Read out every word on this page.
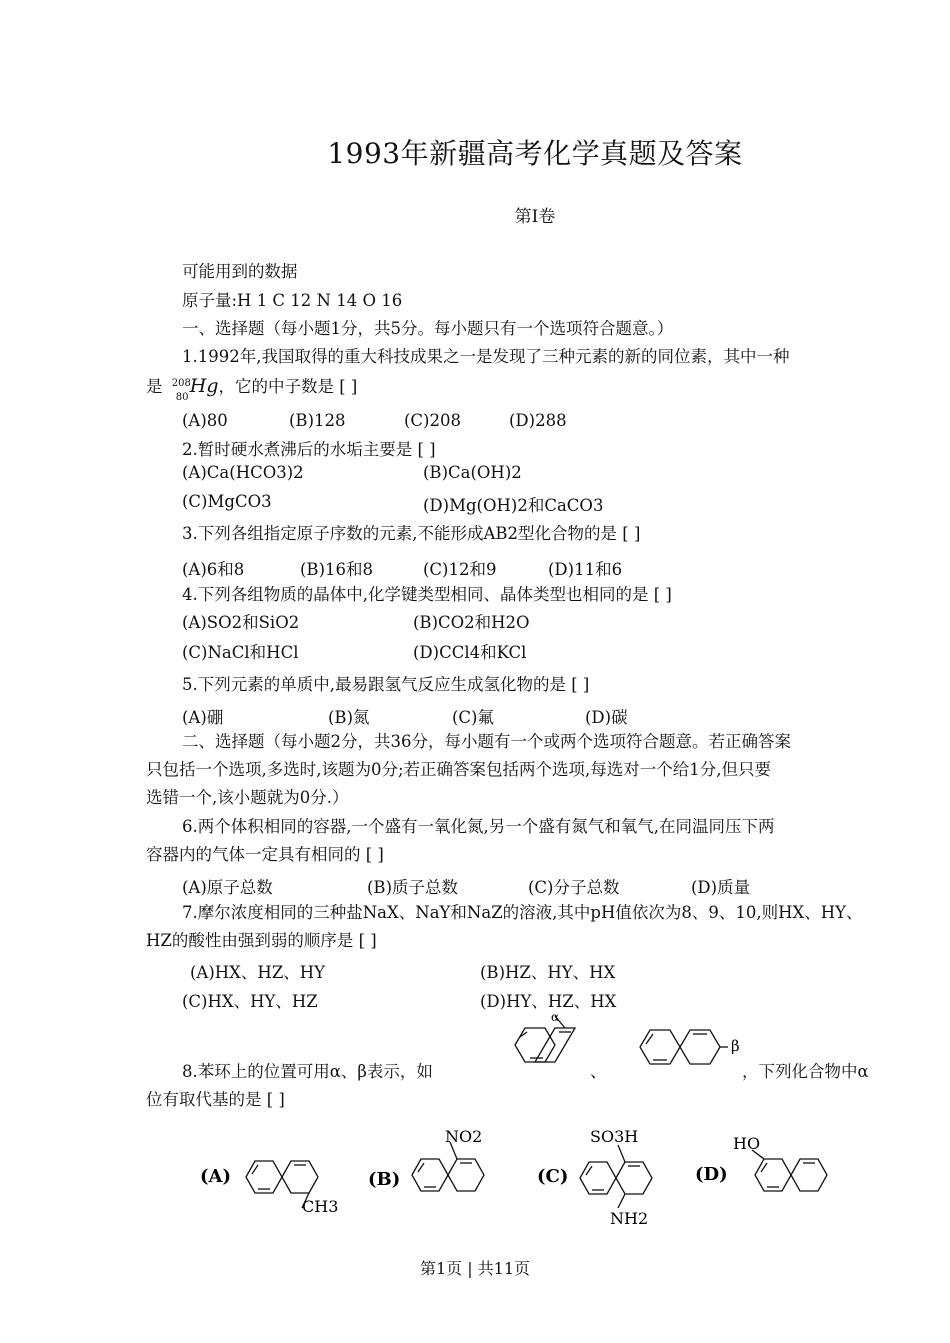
1993年新疆高考化学真题及答案
第Ⅰ卷
可能用到的数据
原子量:H 1 C 12 N 14 O 16
一、选择题（每小题1分，共5分。每小题只有一个选项符合题意。）
1.1992年,我国取得的重大科技成果之一是发现了三种元素的新的同位素，其中一种
是 208
80 Hg，它的中子数是 [ ]
(A)80	(B)128	(C)208	(D)288
2.暂时硬水煮沸后的水垢主要是 [ ]
(A)Ca(HCO3)2	(B)Ca(OH)2
(C)MgCO3	(D)Mg(OH)2和CaCO3
3.下列各组指定原子序数的元素,不能形成AB2型化合物的是 [ ]
(A)6和8	(B)16和8	(C)12和9	(D)11和6
4.下列各组物质的晶体中,化学键类型相同、晶体类型也相同的是 [ ]
(A)SO2和SiO2	(B)CO2和H2O
(C)NaCl和HCl	(D)CCl4和KCl
5.下列元素的单质中,最易跟氢气反应生成氢化物的是 [ ]
(A)硼	(B)氮	(C)氟	(D)碳
二、选择题（每小题2分，共36分，每小题有一个或两个选项符合题意。若正确答案
只包括一个选项,多选时,该题为0分;若正确答案包括两个选项,每选对一个给1分,但只要
选错一个,该小题就为0分.）
6.两个体积相同的容器,一个盛有一氧化氮,另一个盛有氮气和氧气,在同温同压下两
容器内的气体一定具有相同的 [ ]
(A)原子总数	(B)质子总数	(C)分子总数	(D)质量
7.摩尔浓度相同的三种盐NaX、NaY和NaZ的溶液,其中pH值依次为8、9、10,则HX、HY、
HZ的酸性由强到弱的顺序是 [ ]
(A)HX、HZ、HY	(B)HZ、HY、HX
(C)HX、HY、HZ	(D)HY、HZ、HX
8.苯环上的位置可用α、β表示，如	、	，下列化合物中α
位有取代基的是 [ ]
α
β
(A)	(B)	(C)	(D)
CH3
NO2	SO3H
NH2
HO
第1页 | 共11页
